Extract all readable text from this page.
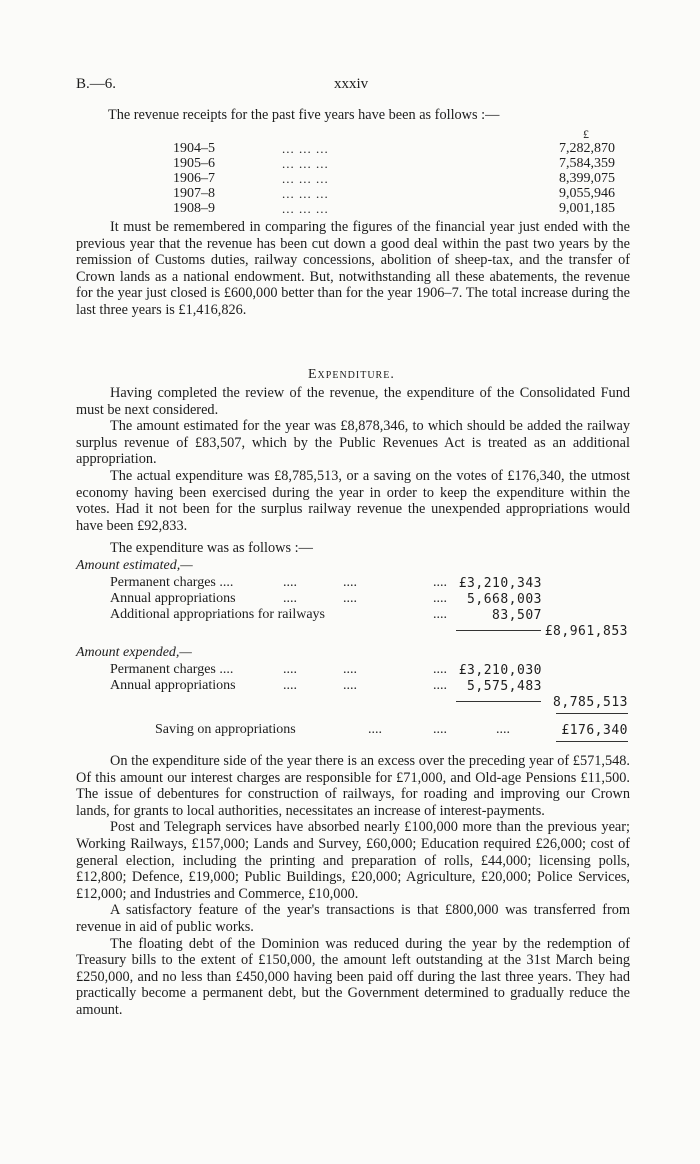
B.—6.	xxxiv
The revenue receipts for the past five years have been as follows :—
£
1904–5	... ... ...	7,282,870
1905–6	... ... ...	7,584,359
1906–7	... ... ...	8,399,075
1907–8	... ... ...	9,055,946
1908–9	... ... ...	9,001,185

It must be remembered in comparing the figures of the financial year just ended with the previous year that the revenue has been cut down a good deal within the past two years by the remission of Customs duties, railway concessions, abolition of sheep-tax, and the transfer of Crown lands as a national endowment. But, notwithstanding all these abatements, the revenue for the year just closed is £600,000 better than for the year 1906–7. The total increase during the last three years is £1,416,826.

Expenditure.

Having completed the review of the revenue, the expenditure of the Consolidated Fund must be next considered.

The amount estimated for the year was £8,878,346, to which should be added the railway surplus revenue of £83,507, which by the Public Revenues Act is treated as an additional appropriation.

The actual expenditure was £8,785,513, or a saving on the votes of £176,340, the utmost economy having been exercised during the year in order to keep the expenditure within the votes. Had it not been for the surplus railway revenue the unexpended appropriations would have been £92,833.

The expenditure was as follows :—
Amount estimated,—
Permanent charges ....	....	....	.... £3,210,343
Annual appropriations	....	....	.... 5,668,003
Additional appropriations for railways	....	83,507
£8,961,853
Amount expended,—
Permanent charges ....	....	....	.... £3,210,030
Annual appropriations	....	....	.... 5,575,483
8,785,513
Saving on appropriations	....	....	....	£176,340

On the expenditure side of the year there is an excess over the preceding year of £571,548. Of this amount our interest charges are responsible for £71,000, and Old-age Pensions £11,500. The issue of debentures for construction of railways, for roading and improving our Crown lands, for grants to local authorities, necessitates an increase of interest-payments.

Post and Telegraph services have absorbed nearly £100,000 more than the previous year; Working Railways, £157,000; Lands and Survey, £60,000; Education required £26,000; cost of general election, including the printing and preparation of rolls, £44,000; licensing polls, £12,800; Defence, £19,000; Public Buildings, £20,000; Agriculture, £20,000; Police Services, £12,000; and Industries and Commerce, £10,000.

A satisfactory feature of the year's transactions is that £800,000 was transferred from revenue in aid of public works.

The floating debt of the Dominion was reduced during the year by the redemption of Treasury bills to the extent of £150,000, the amount left outstanding at the 31st March being £250,000, and no less than £450,000 having been paid off during the last three years. They had practically become a permanent debt, but the Government determined to gradually reduce the amount.
